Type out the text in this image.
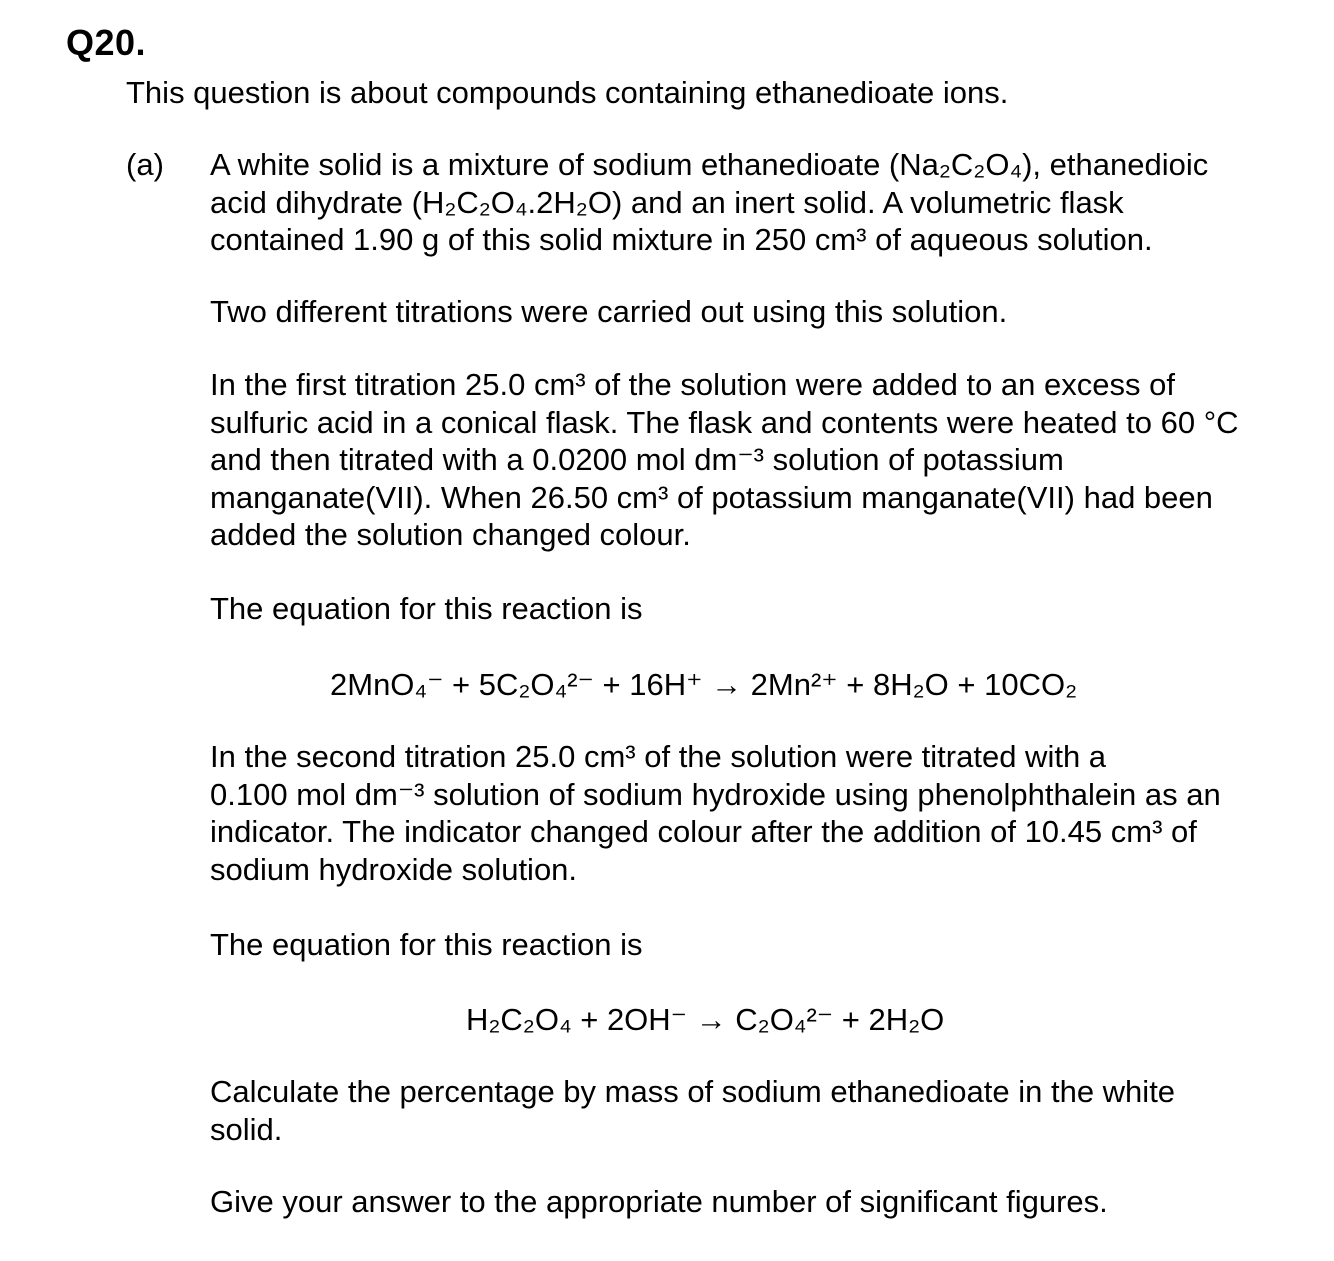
Q20.
This question is about compounds containing ethanedioate ions.
(a) A white solid is a mixture of sodium ethanedioate (Na₂C₂O₄), ethanedioic
acid dihydrate (H₂C₂O₄.2H₂O) and an inert solid. A volumetric flask
contained 1.90 g of this solid mixture in 250 cm³ of aqueous solution.
Two different titrations were carried out using this solution.
In the first titration 25.0 cm³ of the solution were added to an excess of
sulfuric acid in a conical flask. The flask and contents were heated to 60 °C
and then titrated with a 0.0200 mol dm⁻³ solution of potassium
manganate(VII). When 26.50 cm³ of potassium manganate(VII) had been
added the solution changed colour.
The equation for this reaction is
2MnO₄⁻ + 5C₂O₄²⁻ + 16H⁺ → 2Mn²⁺ + 8H₂O + 10CO₂
In the second titration 25.0 cm³ of the solution were titrated with a
0.100 mol dm⁻³ solution of sodium hydroxide using phenolphthalein as an
indicator. The indicator changed colour after the addition of 10.45 cm³ of
sodium hydroxide solution.
The equation for this reaction is
H₂C₂O₄ + 2OH⁻ → C₂O₄²⁻ + 2H₂O
Calculate the percentage by mass of sodium ethanedioate in the white
solid.
Give your answer to the appropriate number of significant figures.
